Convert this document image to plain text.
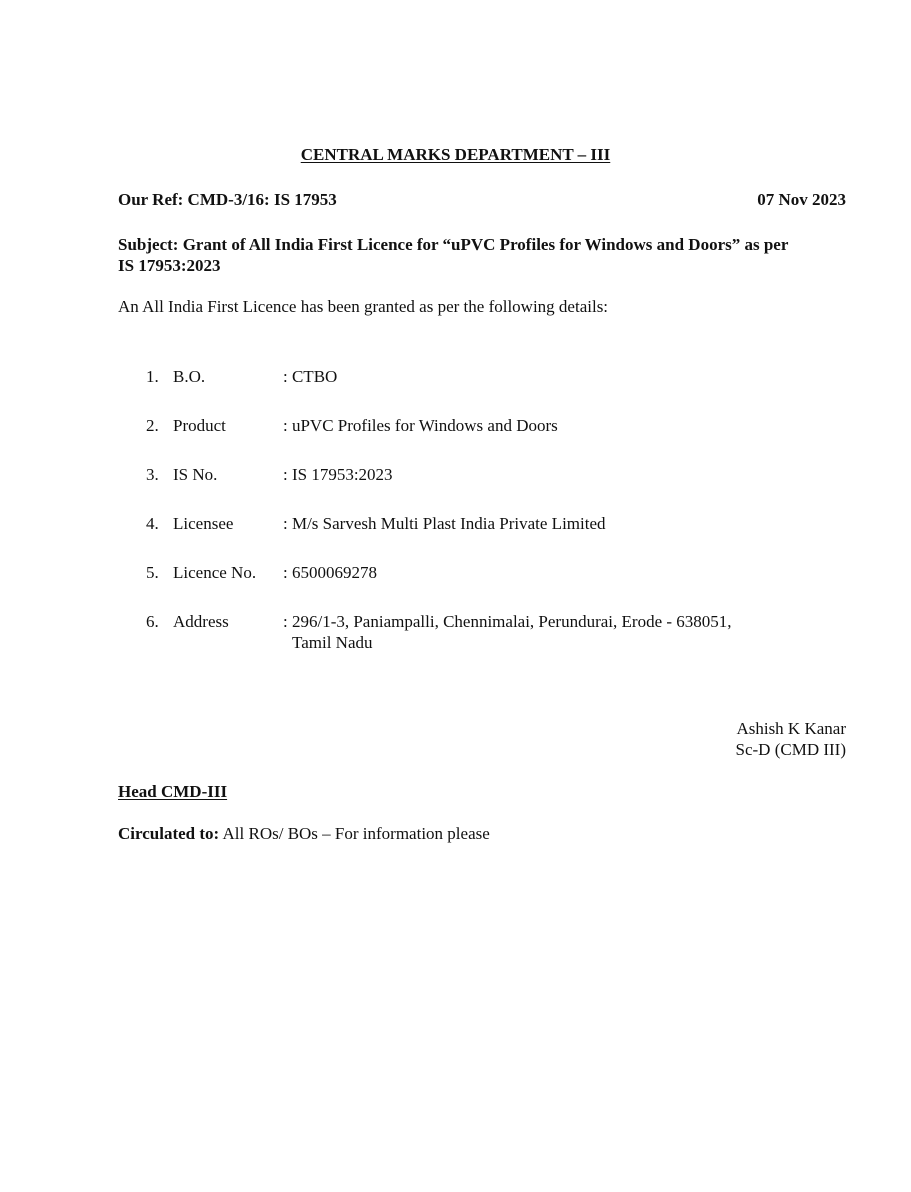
CENTRAL MARKS DEPARTMENT – III
Our Ref: CMD-3/16: IS 17953	07 Nov 2023
Subject: Grant of All India First Licence for “uPVC Profiles for Windows and Doors” as per
IS 17953:2023
An All India First Licence has been granted as per the following details:
1. B.O.	: CTBO
2. Product	: uPVC Profiles for Windows and Doors
3. IS No.	: IS 17953:2023
4. Licensee	: M/s Sarvesh Multi Plast India Private Limited
5. Licence No.	: 6500069278
6. Address	: 296/1-3, Paniampalli, Chennimalai, Perundurai, Erode - 638051,
Tamil Nadu
Ashish K Kanar
Sc-D (CMD III)
Head CMD-III
Circulated to: All ROs/ BOs – For information please
